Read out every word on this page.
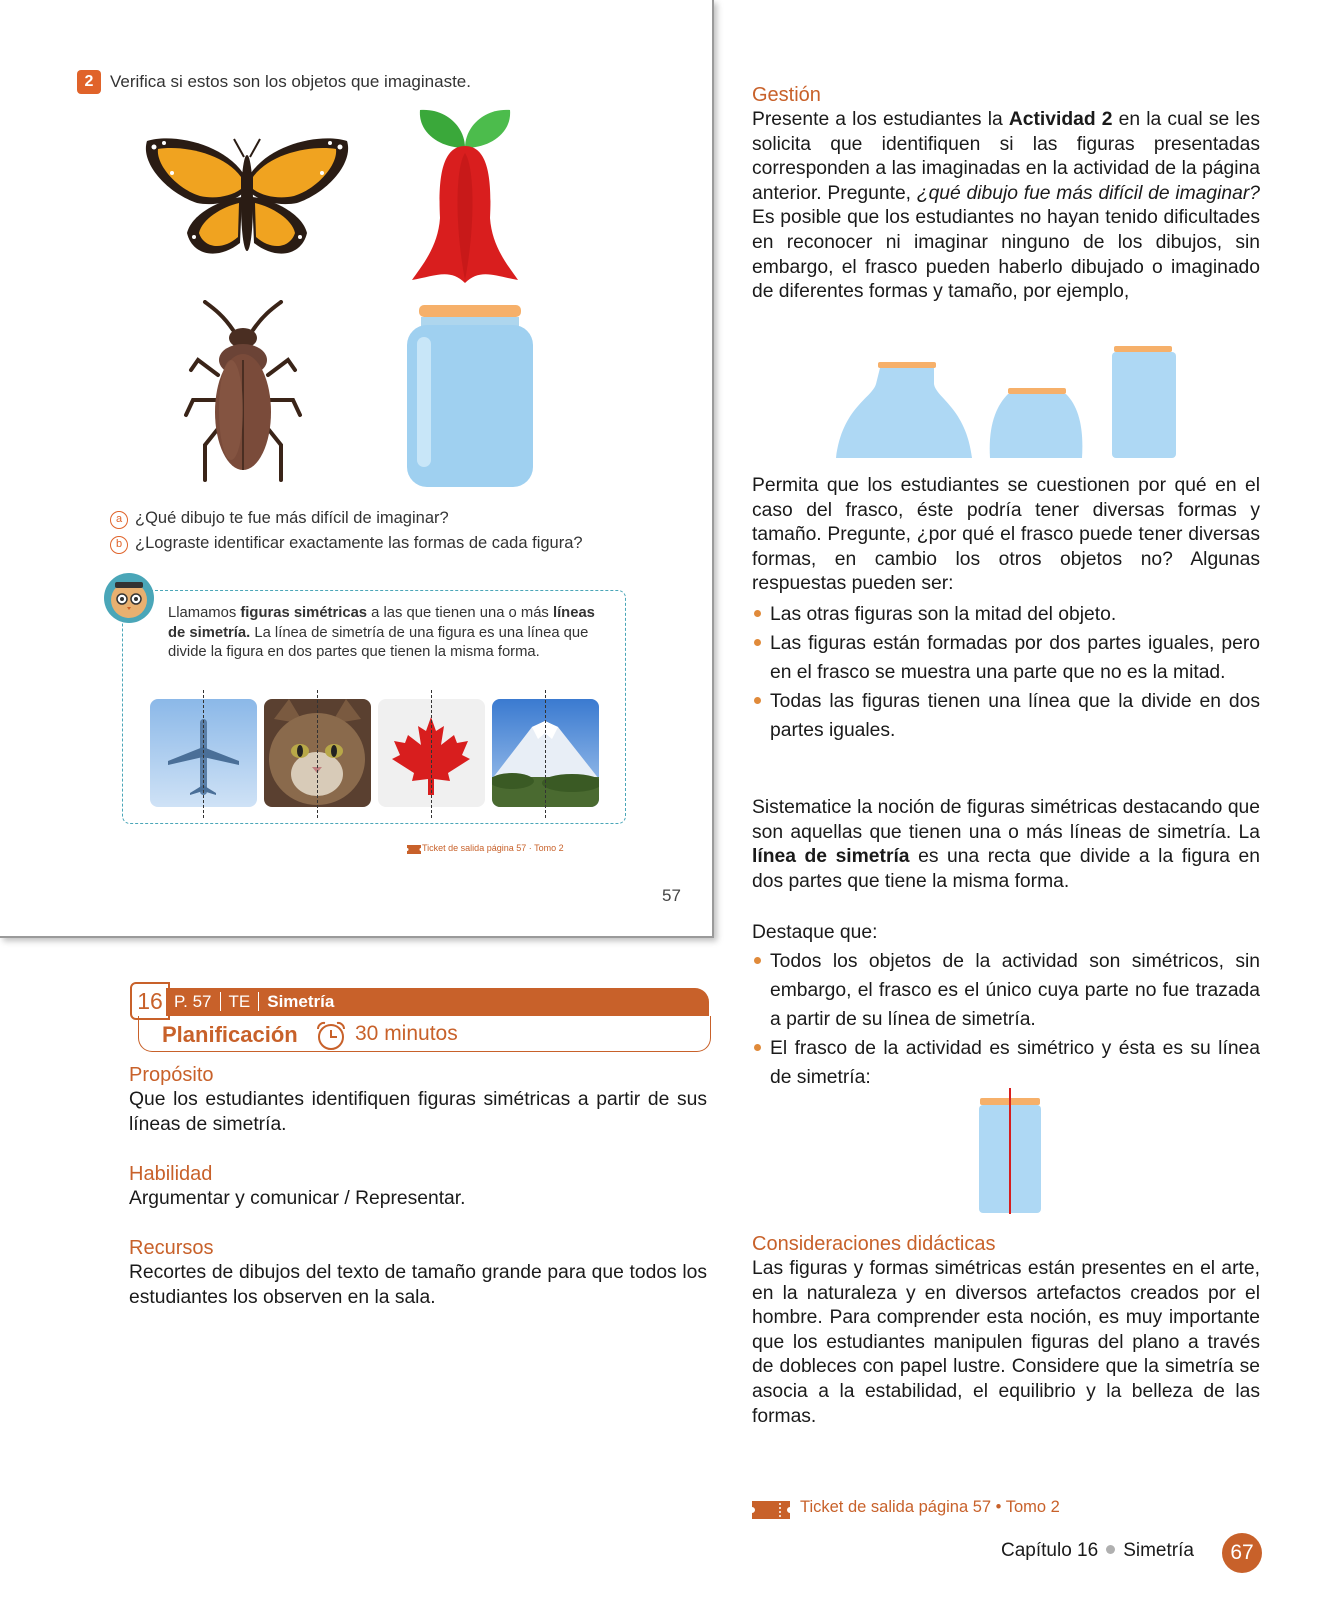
2 Verifica si estos son los objetos que imaginaste.
a ¿Qué dibujo te fue más difícil de imaginar?
b ¿Lograste identificar exactamente las formas de cada figura?
Llamamos figuras simétricas a las que tienen una o más líneas de simetría. La línea de simetría de una figura es una línea que divide la figura en dos partes que tienen la misma forma.
Ticket de salida página 57 · Tomo 2
57
16 P. 57 TE Simetría
Planificación	30 minutos
Propósito
Que los estudiantes identifiquen figuras simétricas a partir de sus líneas de simetría.
Habilidad
Argumentar y comunicar / Representar.
Recursos
Recortes de dibujos del texto de tamaño grande para que todos los estudiantes los observen en la sala.
Gestión
Presente a los estudiantes la Actividad 2 en la cual se les solicita que identifiquen si las figuras presentadas corresponden a las imaginadas en la actividad de la página anterior. Pregunte, ¿qué dibujo fue más difícil de imaginar? Es posible que los estudiantes no hayan tenido dificultades en reconocer ni imaginar ninguno de los dibujos, sin embargo, el frasco pueden haberlo dibujado o imaginado de diferentes formas y tamaño, por ejemplo,
Permita que los estudiantes se cuestionen por qué en el caso del frasco, éste podría tener diversas formas y tamaño. Pregunte, ¿por qué el frasco puede tener diversas formas, en cambio los otros objetos no? Algunas respuestas pueden ser:
Las otras figuras son la mitad del objeto.
Las figuras están formadas por dos partes iguales, pero en el frasco se muestra una parte que no es la mitad.
Todas las figuras tienen una línea que la divide en dos partes iguales.
Sistematice la noción de figuras simétricas destacando que son aquellas que tienen una o más líneas de simetría. La línea de simetría es una recta que divide a la figura en dos partes que tiene la misma forma.
Destaque que:
Todos los objetos de la actividad son simétricos, sin embargo, el frasco es el único cuya parte no fue trazada a partir de su línea de simetría.
El frasco de la actividad es simétrico y ésta es su línea de simetría:
Consideraciones didácticas
Las figuras y formas simétricas están presentes en el arte, en la naturaleza y en diversos artefactos creados por el hombre. Para comprender esta noción, es muy importante que los estudiantes manipulen figuras del plano a través de dobleces con papel lustre. Considere que la simetría se asocia a la estabilidad, el equilibrio y la belleza de las formas.
Ticket de salida página 57 • Tomo 2
Capítulo 16 Simetría	67
